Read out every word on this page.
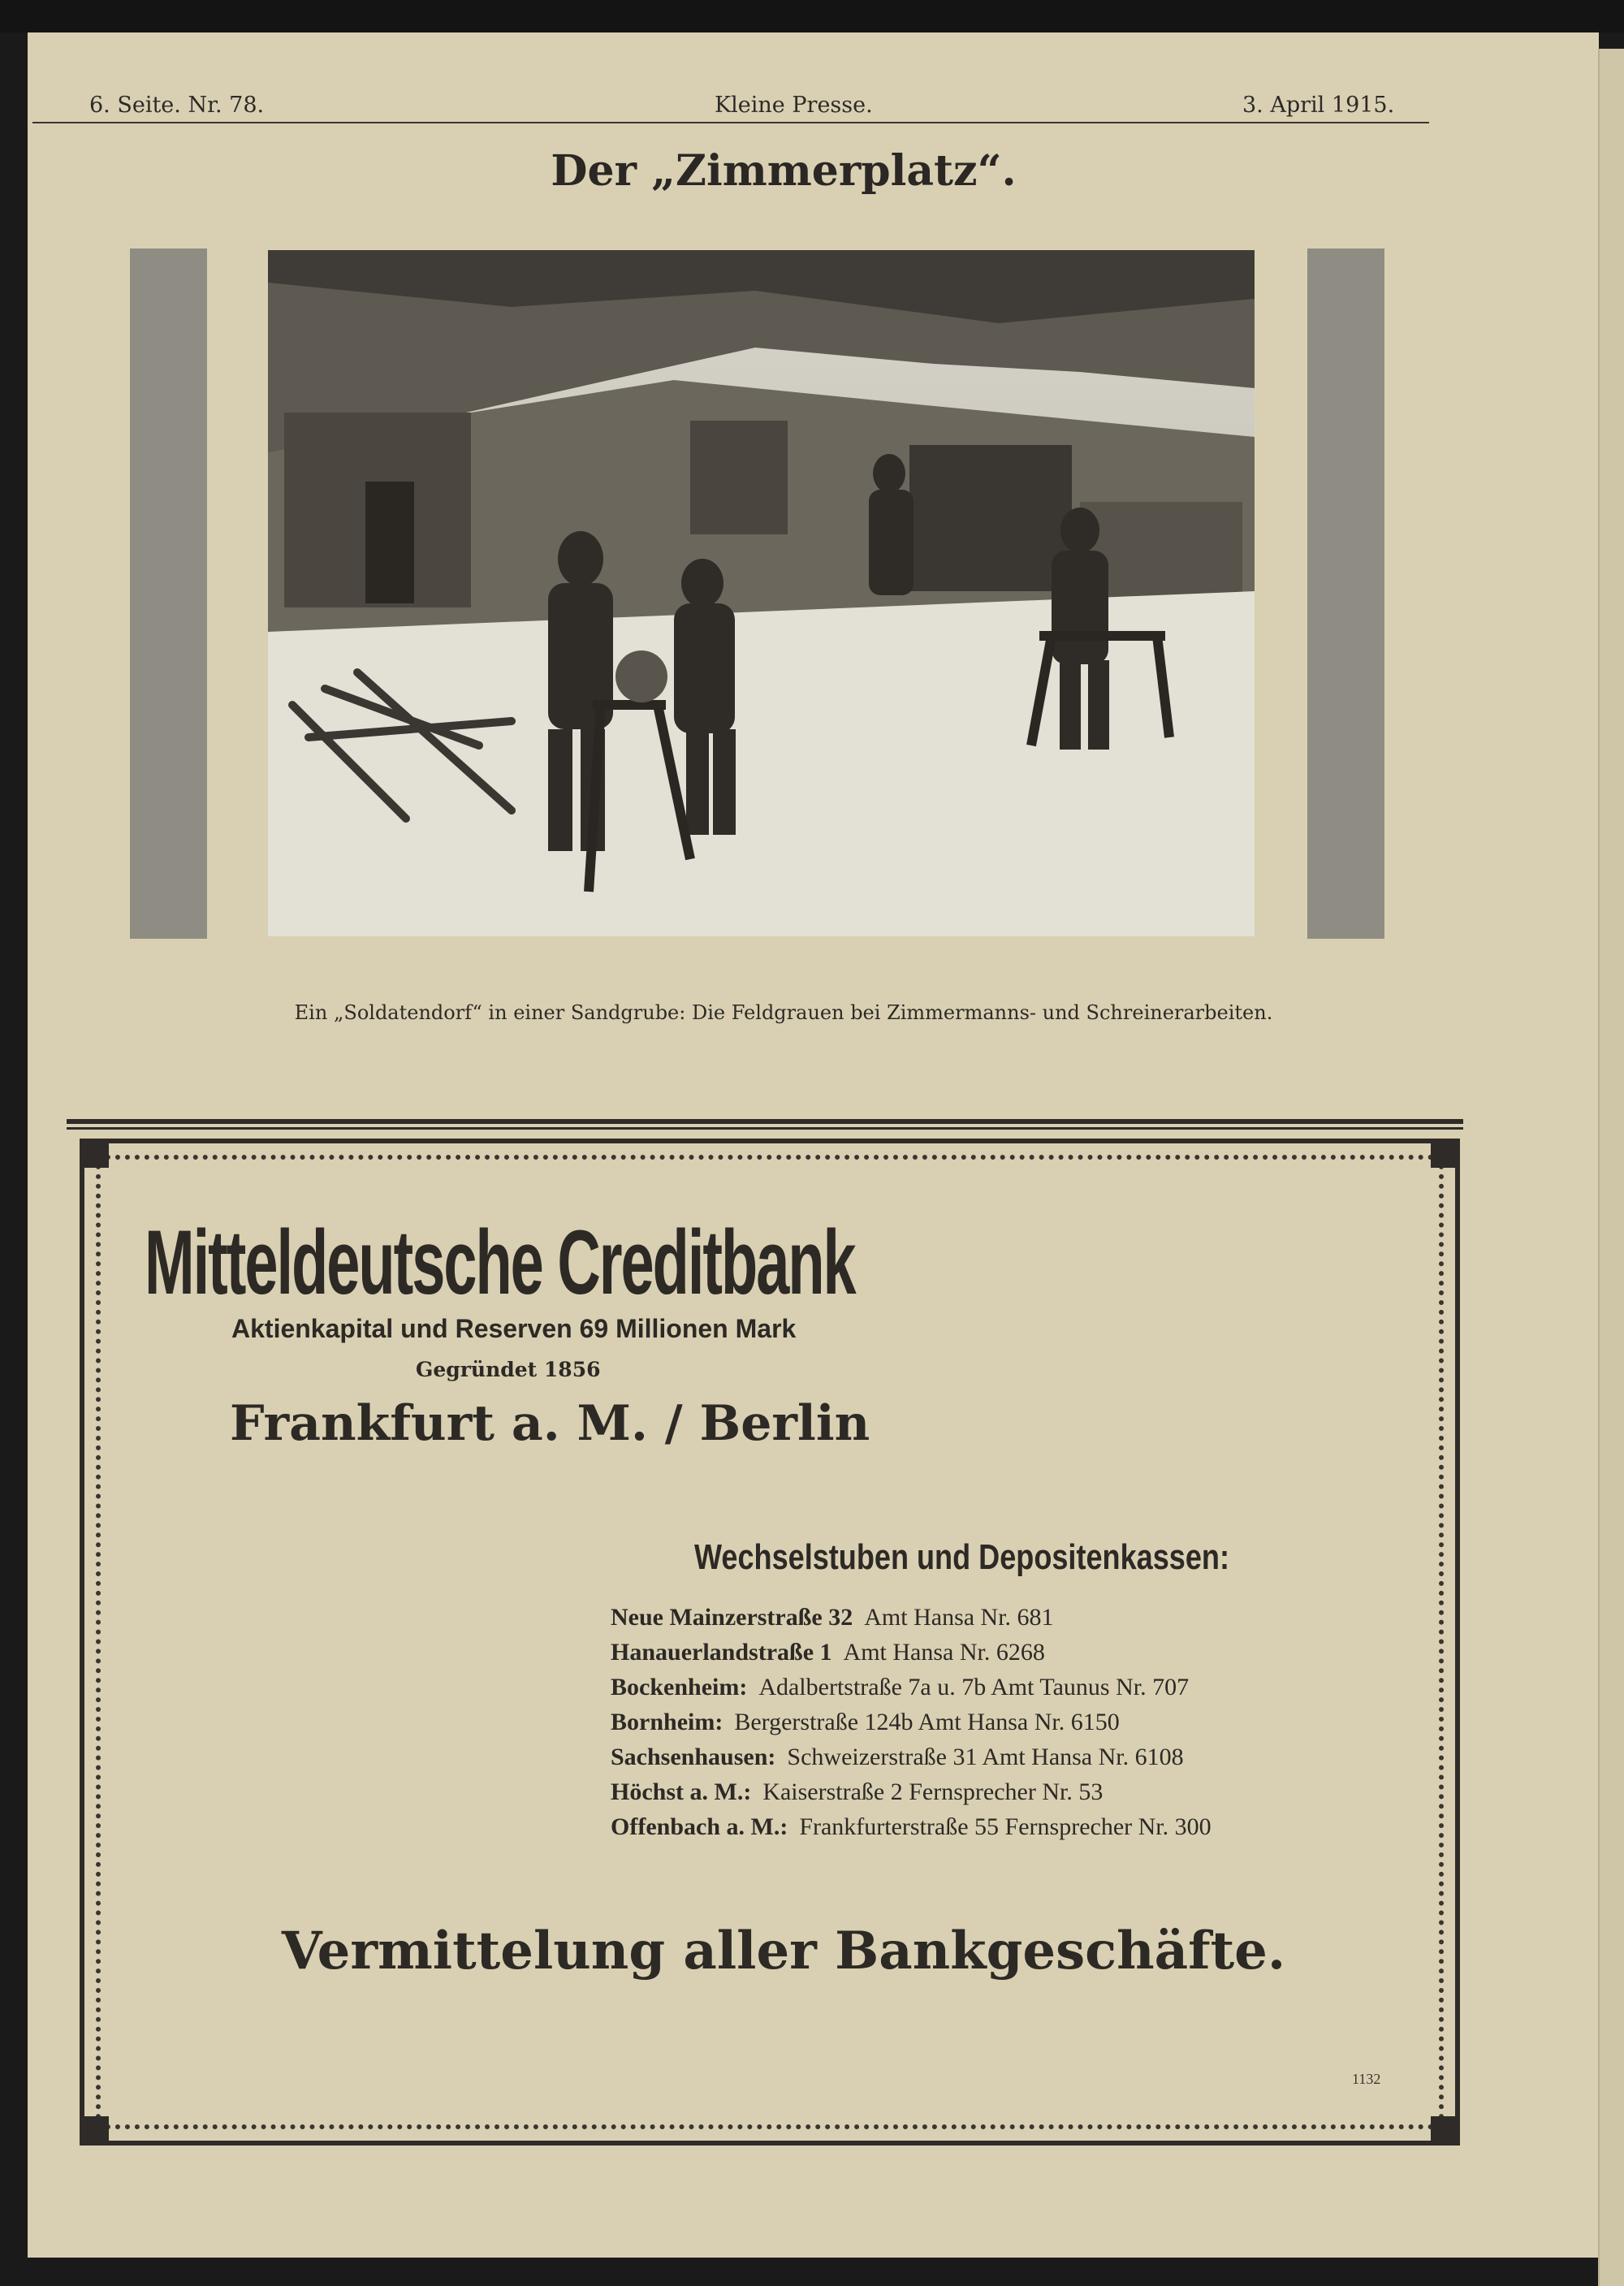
6. Seite. Nr. 78.	Kleine Presse.	3. April 1915.
Der „Zimmerplatz“.
Ein „Soldatendorf“ in einer Sandgrube: Die Feldgrauen bei Zimmermanns- und Schreinerarbeiten.
Mitteldeutsche Creditbank
Aktienkapital und Reserven 69 Millionen Mark
Gegründet 1856
Frankfurt a. M. / Berlin
Wechselstuben und Depositenkassen:
Neue Mainzerstraße 32 Amt Hansa Nr. 681
Hanauerlandstraße 1 Amt Hansa Nr. 6268
Bockenheim: Adalbertstraße 7a u. 7b Amt Taunus Nr. 707
Bornheim: Bergerstraße 124b Amt Hansa Nr. 6150
Sachsenhausen: Schweizerstraße 31 Amt Hansa Nr. 6108
Höchst a. M.: Kaiserstraße 2 Fernsprecher Nr. 53
Offenbach a. M.: Frankfurterstraße 55 Fernsprecher Nr. 300
Vermittelung aller Bankgeschäfte.
1132
